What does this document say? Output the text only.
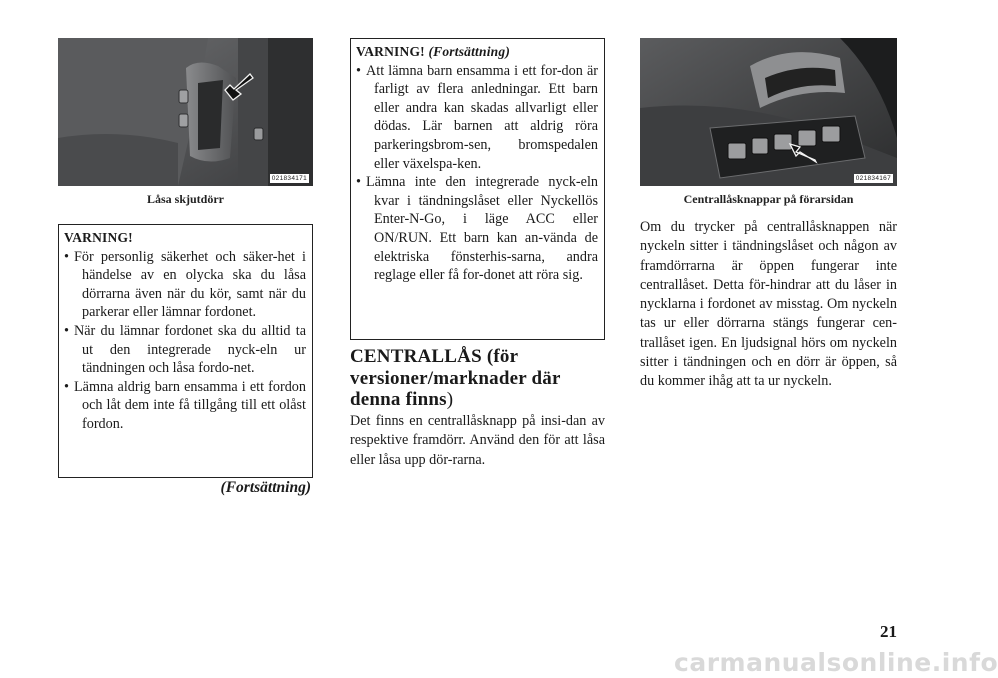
021834171
Låsa skjutdörr
VARNING!
• För personlig säkerhet och säker-het i händelse av en olycka ska du låsa dörrarna även när du kör, samt när du parkerar eller lämnar fordonet.
• När du lämnar fordonet ska du alltid ta ut den integrerade nyck-eln ur tändningen och låsa fordo-net.
• Lämna aldrig barn ensamma i ett fordon och låt dem inte få tillgång till ett olåst fordon.
(Fortsättning)
VARNING! (Fortsättning)
• Att lämna barn ensamma i ett for-don är farligt av flera anledningar. Ett barn eller andra kan skadas allvarligt eller dödas. Lär barnen att aldrig röra parkeringsbrom-sen, bromspedalen eller växelspa-ken.
• Lämna inte den integrerade nyck-eln kvar i tändningslåset eller Nyckellös Enter-N-Go, i läge ACC eller ON/RUN. Ett barn kan an-vända de elektriska fönsterhis-sarna, andra reglage eller få for-donet att röra sig.
CENTRALLÅS (för versioner/marknader där denna finns)
Det finns en centrallåsknapp på insi-dan av respektive framdörr. Använd den för att låsa eller låsa upp dör-rarna.
021834167
Centrallåsknappar på förarsidan
Om du trycker på centrallåsknappen när nyckeln sitter i tändningslåset och någon av framdörrarna är öppen fungerar inte centrallåset. Detta för-hindrar att du låser in nycklarna i fordonet av misstag. Om nyckeln tas ur eller dörrarna stängs fungerar cen-trallåset igen. En ljudsignal hörs om nyckeln sitter i tändningen och en dörr är öppen, så du kommer ihåg att ta ur nyckeln.
21
carmanualsonline.info
